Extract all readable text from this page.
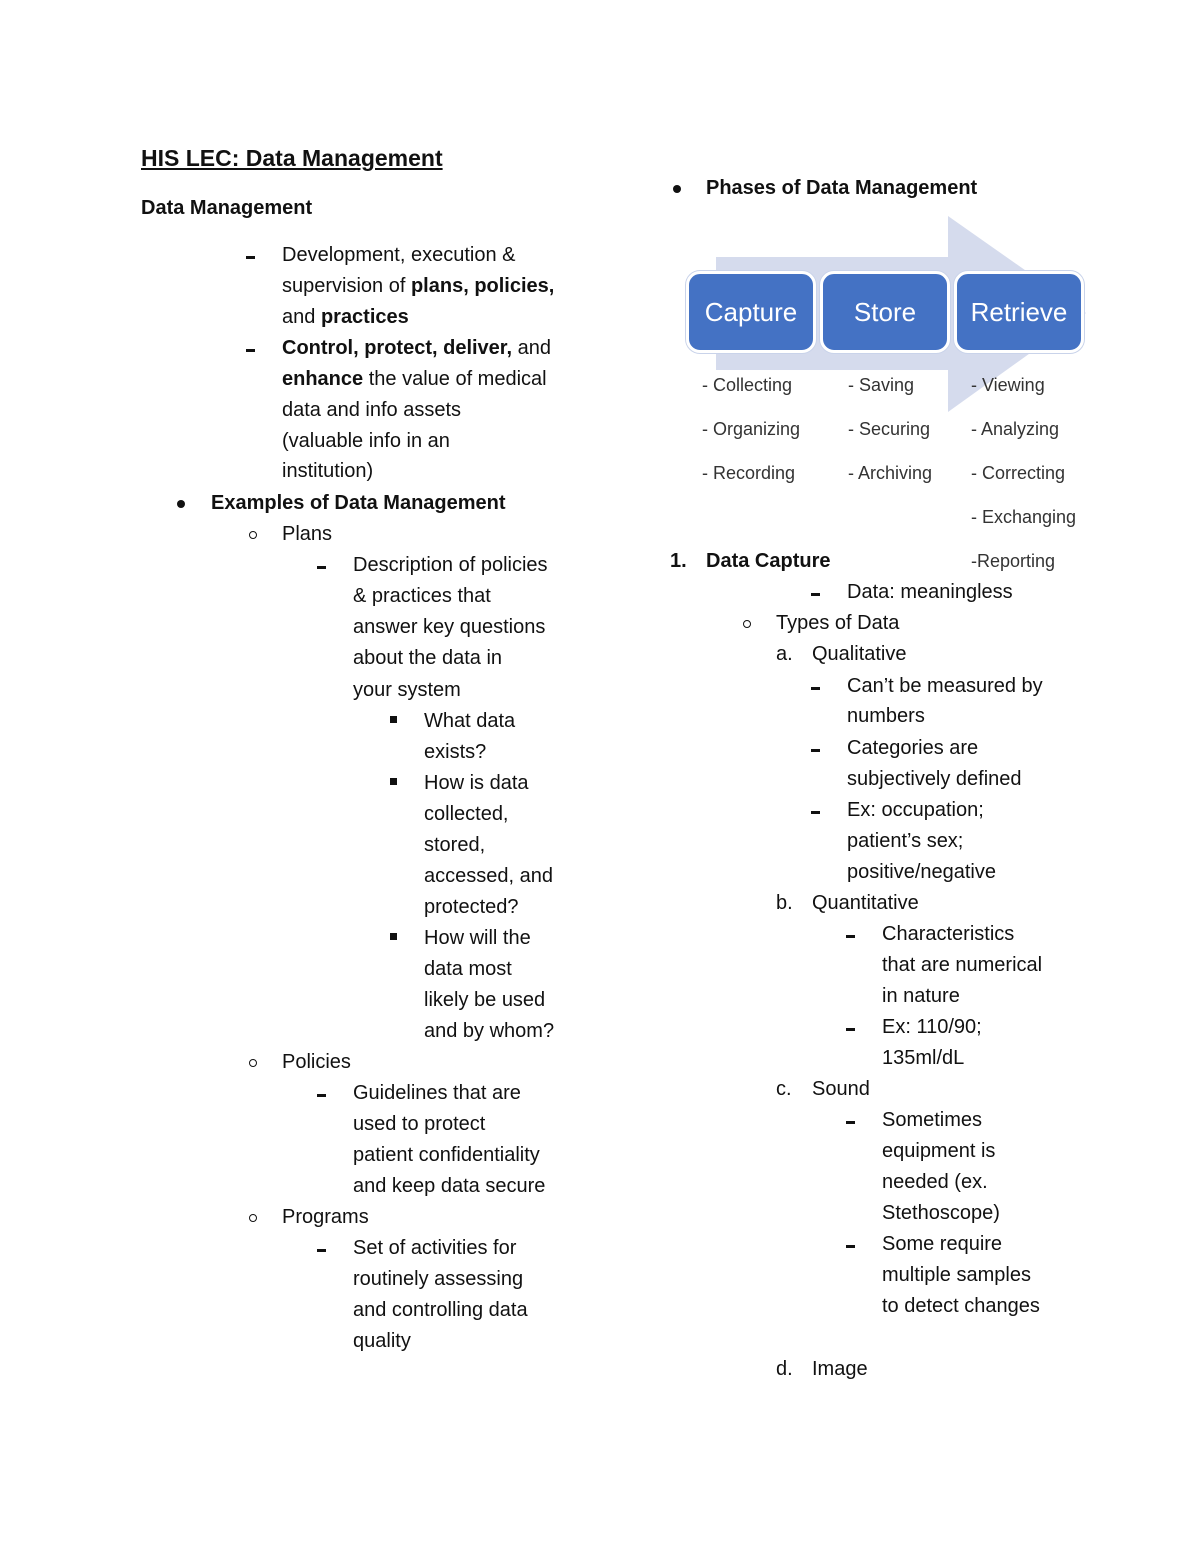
HIS LEC: Data Management
Data Management
Development, execution &
supervision of plans, policies,
and practices
Control, protect, deliver, and
enhance the value of medical
data and info assets
(valuable info in an
institution)
Examples of Data Management
Plans
Description of policies
& practices that
answer key questions
about the data in
your system
What data
exists?
How is data
collected,
stored,
accessed, and
protected?
How will the
data most
likely be used
and by whom?
Policies
Guidelines that are
used to protect
patient confidentiality
and keep data secure
Programs
Set of activities for
routinely assessing
and controlling data
quality
Phases of Data Management
Capture	Store	Retrieve
- Collecting
- Organizing
- Recording
- Saving
- Securing
- Archiving
- Viewing
- Analyzing
- Correcting
- Exchanging
-Reporting
1. Data Capture
Data: meaningless
Types of Data
a. Qualitative
Can’t be measured by
numbers
Categories are
subjectively defined
Ex: occupation;
patient’s sex;
positive/negative
b. Quantitative
Characteristics
that are numerical
in nature
Ex: 110/90;
135ml/dL
c. Sound
Sometimes
equipment is
needed (ex.
Stethoscope)
Some require
multiple samples
to detect changes
d. Image
